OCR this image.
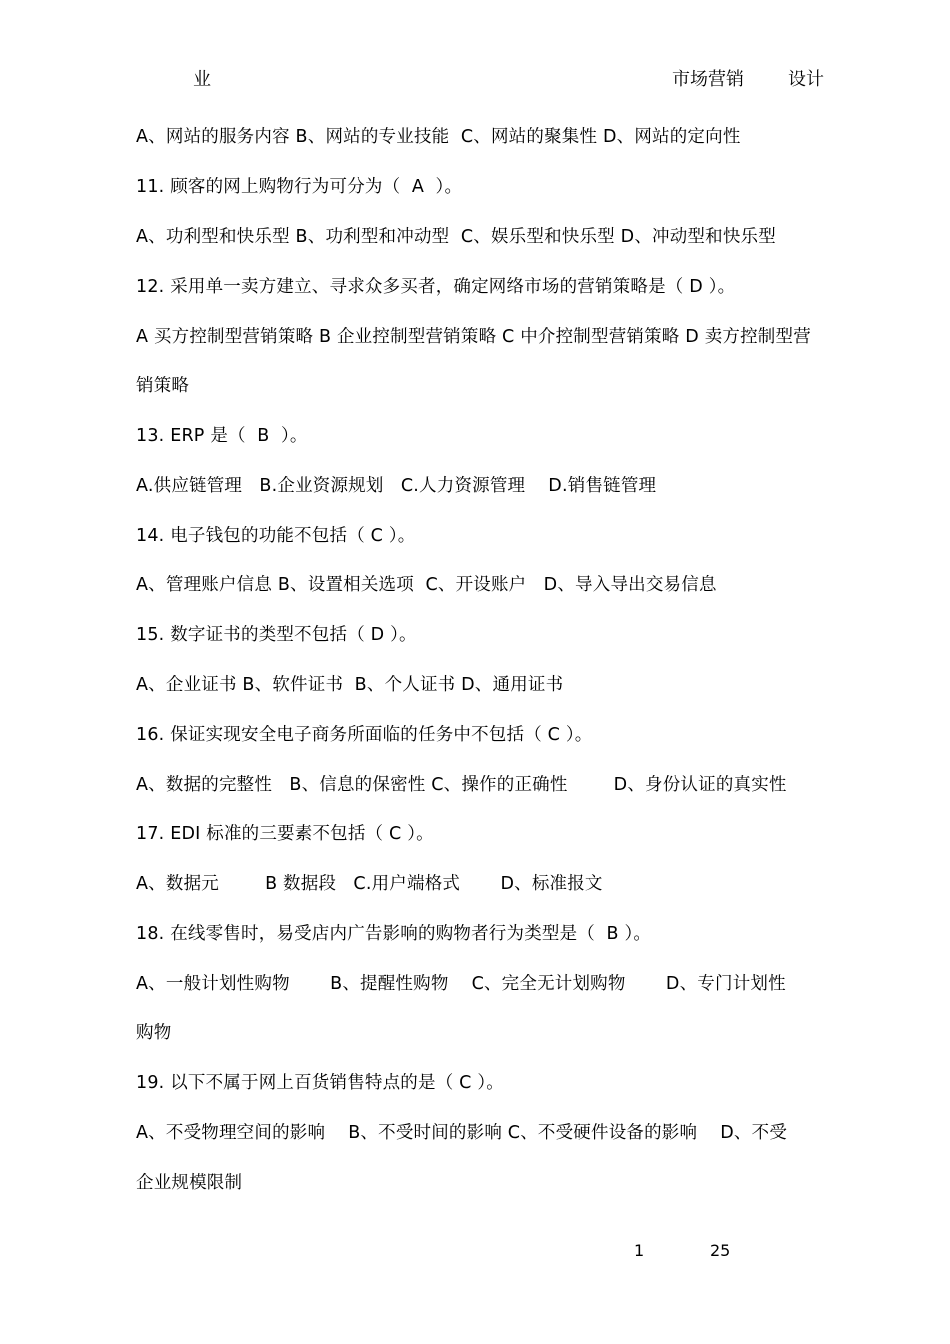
业	市场营销 设计
A、网站的服务内容 B、网站的专业技能  C、网站的聚集性 D、网站的定向性
11. 顾客的网上购物行为可分为（  A  ）。
A、功利型和快乐型 B、功利型和冲动型  C、娱乐型和快乐型 D、冲动型和快乐型
12. 采用单一卖方建立、寻求众多买者，确定网络市场的营销策略是（ D ）。
A 买方控制型营销策略 B 企业控制型营销策略 C 中介控制型营销策略 D 卖方控制型营
销策略
13. ERP 是（  B  ）。
A.供应链管理   B.企业资源规划   C.人力资源管理    D.销售链管理
14. 电子钱包的功能不包括（ C ）。
A、管理账户信息 B、设置相关选项  C、开设账户   D、导入导出交易信息
15. 数字证书的类型不包括（ D ）。
A、企业证书 B、软件证书  B、个人证书 D、通用证书
16. 保证实现安全电子商务所面临的任务中不包括（ C ）。
A、数据的完整性   B、信息的保密性 C、操作的正确性        D、身份认证的真实性
17. EDI 标准的三要素不包括（ C ）。
A、数据元        B 数据段   C.用户端格式       D、标准报文
18. 在线零售时，易受店内广告影响的购物者行为类型是（  B ）。
A、一般计划性购物       B、提醒性购物    C、完全无计划购物       D、专门计划性
购物
19. 以下不属于网上百货销售特点的是（ C ）。
A、不受物理空间的影响    B、不受时间的影响 C、不受硬件设备的影响    D、不受
企业规模限制
1	25
